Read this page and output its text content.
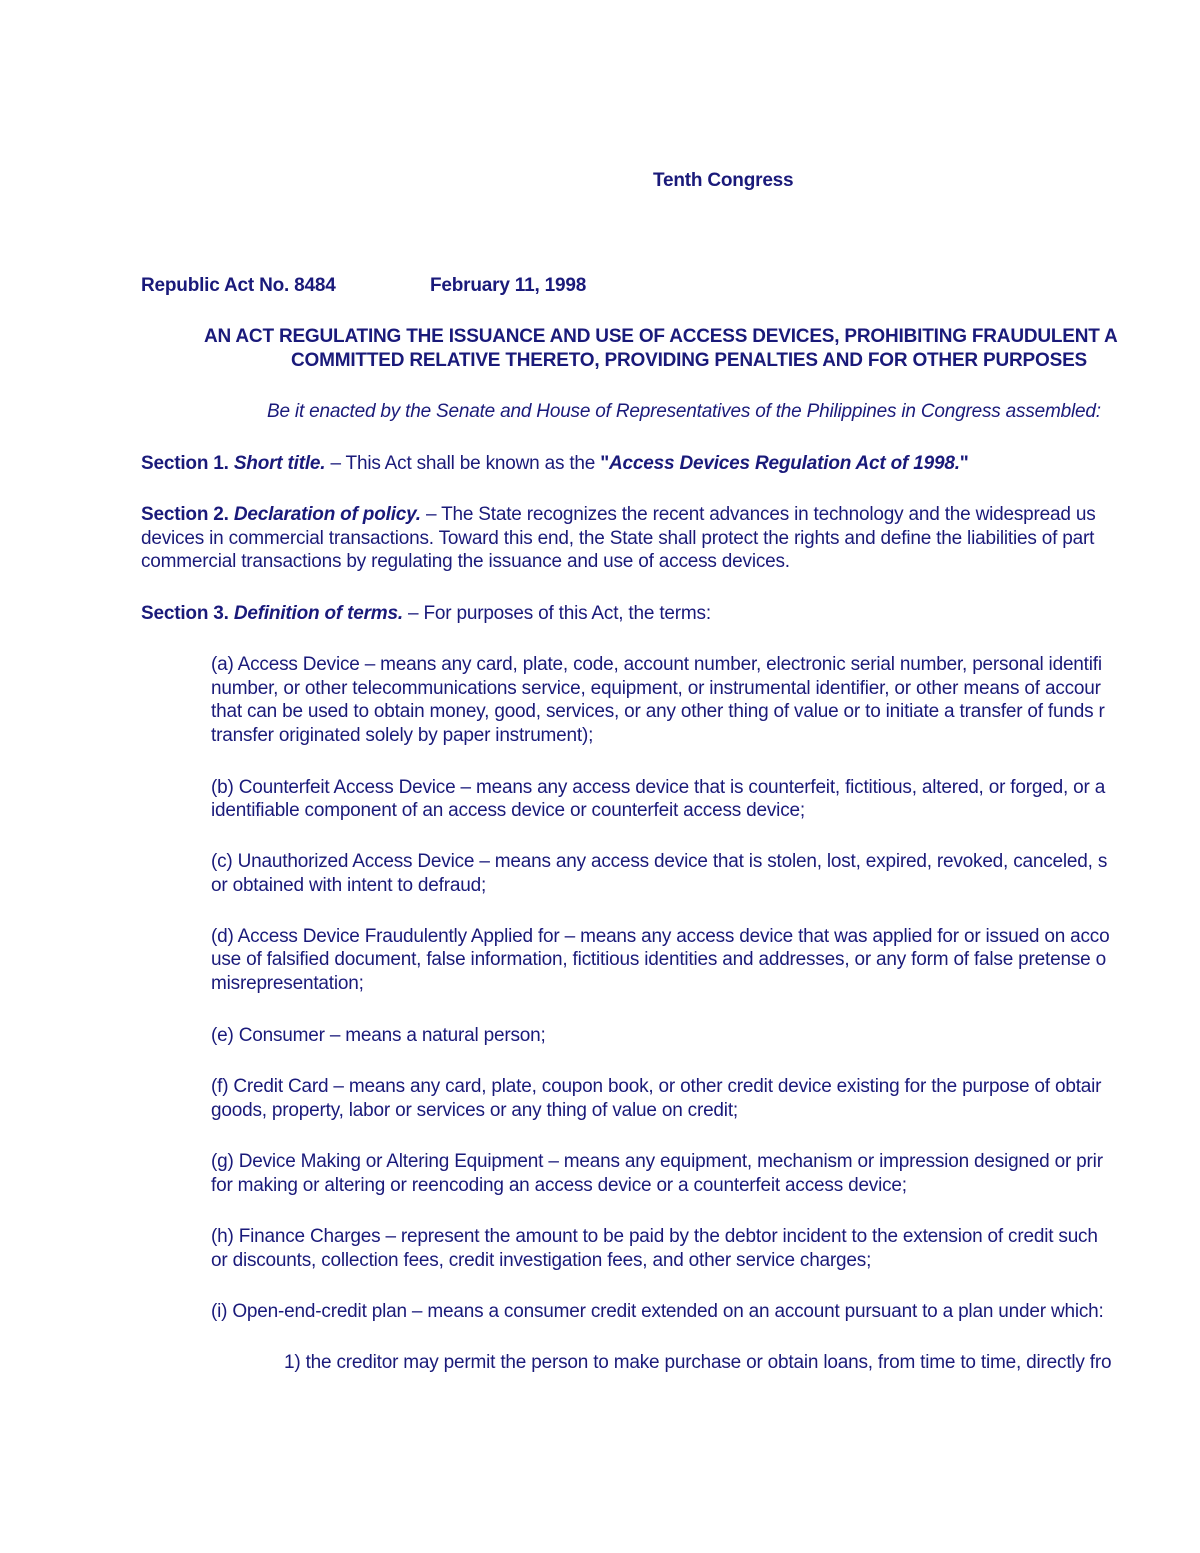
Tenth Congress
Republic Act No. 8484	February 11, 1998
AN ACT REGULATING THE ISSUANCE AND USE OF ACCESS DEVICES, PROHIBITING FRAUDULENT A
COMMITTED RELATIVE THERETO, PROVIDING PENALTIES AND FOR OTHER PURPOSES
Be it enacted by the Senate and House of Representatives of the Philippines in Congress assembled:
Section 1. Short title. – This Act shall be known as the "Access Devices Regulation Act of 1998."
Section 2. Declaration of policy. – The State recognizes the recent advances in technology and the widespread us
devices in commercial transactions. Toward this end, the State shall protect the rights and define the liabilities of part
commercial transactions by regulating the issuance and use of access devices.
Section 3. Definition of terms. – For purposes of this Act, the terms:
(a) Access Device – means any card, plate, code, account number, electronic serial number, personal identifi
number, or other telecommunications service, equipment, or instrumental identifier, or other means of accour
that can be used to obtain money, good, services, or any other thing of value or to initiate a transfer of funds r
transfer originated solely by paper instrument);
(b) Counterfeit Access Device – means any access device that is counterfeit, fictitious, altered, or forged, or a
identifiable component of an access device or counterfeit access device;
(c) Unauthorized Access Device – means any access device that is stolen, lost, expired, revoked, canceled, s
or obtained with intent to defraud;
(d) Access Device Fraudulently Applied for – means any access device that was applied for or issued on acco
use of falsified document, false information, fictitious identities and addresses, or any form of false pretense o
misrepresentation;
(e) Consumer – means a natural person;
(f) Credit Card – means any card, plate, coupon book, or other credit device existing for the purpose of obtair
goods, property, labor or services or any thing of value on credit;
(g) Device Making or Altering Equipment – means any equipment, mechanism or impression designed or prir
for making or altering or reencoding an access device or a counterfeit access device;
(h) Finance Charges – represent the amount to be paid by the debtor incident to the extension of credit such
or discounts, collection fees, credit investigation fees, and other service charges;
(i) Open-end-credit plan – means a consumer credit extended on an account pursuant to a plan under which:
1) the creditor may permit the person to make purchase or obtain loans, from time to time, directly fro
